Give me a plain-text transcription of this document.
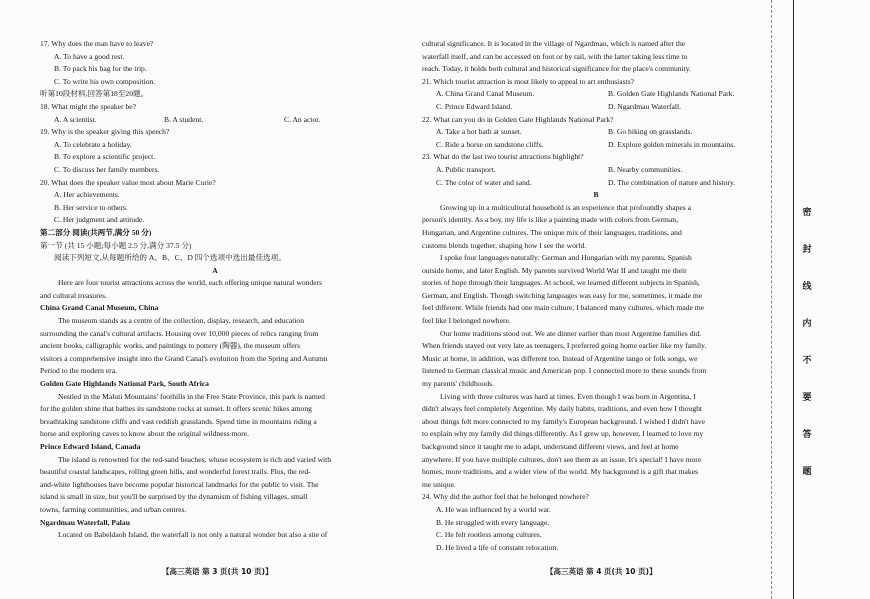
17. Why does the man have to leave?
A. To have a good rest.
B. To pack his bag for the trip.
C. To write his own composition.
听第10段材料,回答第18至20题。
18. What might the speaker be?
A. A scientist.	B. A student.	C. An actor.
19. Why is the speaker giving this speech?
A. To celebrate a holiday.
B. To explore a scientific project.
C. To discuss her family members.
20. What does the speaker value most about Marie Curie?
A. Her achievements.
B. Her service to others.
C. Her judgment and attitude.
第二部分 阅读(共两节,满分 50 分)
第一节 (共 15 小题;每小题 2.5 分,满分 37.5 分)
阅读下列短文,从每题所给的 A、B、C、D 四个选项中选出最佳选项。
A
Here are four tourist attractions across the world, each offering unique natural wonders
and cultural treasures.
China Grand Canal Museum, China
The museum stands as a centre of the collection, display, research, and education
surrounding the canal's cultural artifacts. Housing over 10,000 pieces of relics ranging from
ancient books, calligraphic works, and paintings to pottery (陶器), the museum offers
visitors a comprehensive insight into the Grand Canal's evolution from the Spring and Autumn
Period to the modern era.
Golden Gate Highlands National Park, South Africa
Nestled in the Maluti Mountains' foothills in the Free State Province, this park is named
for the golden shine that bathes its sandstone rocks at sunset. It offers scenic hikes among
breathtaking sandstone cliffs and vast reddish grasslands. Spend time in mountains riding a
horse and exploring caves to know about the original wildness more.
Prince Edward Island, Canada
The island is renowned for the red-sand beaches, whose ecosystem is rich and varied with
beautiful coastal landscapes, rolling green hills, and wonderful forest trails. Plus, the red-
and-white lighthouses have become popular historical landmarks for the public to visit. The
island is small in size, but you'll be surprised by the dynamism of fishing villages, small
towns, farming communities, and urban centres.
Ngardmau Waterfall, Palau
Located on Babeldaob Island, the waterfall is not only a natural wonder but also a site of
【高三英语 第 3 页(共 10 页)】
cultural significance. It is located in the village of Ngardmau, which is named after the
waterfall itself, and can be accessed on foot or by rail, with the latter taking less time to
reach. Today, it holds both cultural and historical significance for the place's community.
21. Which tourist attraction is most likely to appeal to art enthusiasts?
A. China Grand Canal Museum.	B. Golden Gate Highlands National Park.
C. Prince Edward Island.	D. Ngardmau Waterfall.
22. What can you do in Golden Gate Highlands National Park?
A. Take a hot bath at sunset.	B. Go hiking on grasslands.
C. Ride a horse on sandstone cliffs.	D. Explore golden minerals in mountains.
23. What do the last two tourist attractions highlight?
A. Public transport.	B. Nearby communities.
C. The color of water and sand.	D. The combination of nature and history.
B
Growing up in a multicultural household is an experience that profoundly shapes a
person's identity. As a boy, my life is like a painting made with colors from German,
Hungarian, and Argentine cultures. The unique mix of their languages, traditions, and
customs blends together, shaping how I see the world.
I spoke four languages naturally: German and Hungarian with my parents, Spanish
outside home, and later English. My parents survived World War II and taught me their
stories of hope through their languages. At school, we learned different subjects in Spanish,
German, and English. Though switching languages was easy for me, sometimes, it made me
feel different. While friends had one main culture, I balanced many cultures, which made me
feel like I belonged nowhere.
Our home traditions stood out. We ate dinner earlier than most Argentine families did.
When friends stayed out very late as teenagers, I preferred going home earlier like my family.
Music at home, in addition, was different too. Instead of Argentine tango or folk songs, we
listened to German classical music and American pop. I connected more to these sounds from
my parents' childhoods.
Living with three cultures was hard at times. Even though I was born in Argentina, I
didn't always feel completely Argentine. My daily habits, traditions, and even how I thought
about things felt more connected to my family's European background. I wished I didn't have
to explain why my family did things differently. As I grew up, however, I learned to love my
background since it taught me to adapt, understand different views, and feel at home
anywhere. If you have multiple cultures, don't see them as an issue. It's special! I have more
homes, more traditions, and a wider view of the world. My background is a gift that makes
me unique.
24. Why did the author feel that he belonged nowhere?
A. He was influenced by a world war.
B. He struggled with every language.
C. He felt rootless among cultures.
D. He lived a life of constant relocation.
【高三英语 第 4 页(共 10 页)】
密
封
线
内
不
要
答
题
